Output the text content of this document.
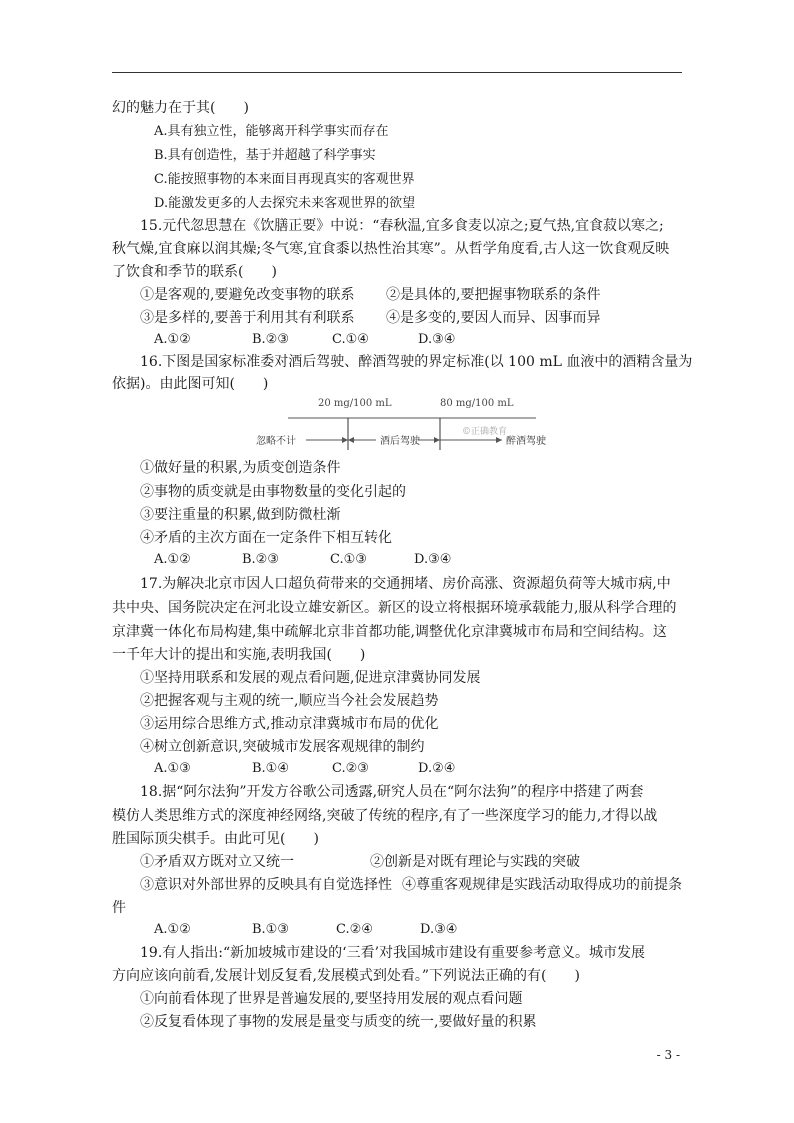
幻的魅力在于其(　　)
A.具有独立性，能够离开科学事实而存在
B.具有创造性，基于并超越了科学事实
C.能按照事物的本来面目再现真实的客观世界
D.能激发更多的人去探究未来客观世界的欲望
15.元代忽思慧在《饮膳正要》中说：“春秋温,宜多食麦以凉之;夏气热,宜食菽以寒之;
秋气燥,宜食麻以润其燥;冬气寒,宜食黍以热性治其寒”。从哲学角度看,古人这一饮食观反映
了饮食和季节的联系(　　)
①是客观的,要避免改变事物的联系 ②是具体的,要把握事物联系的条件
③是多样的,要善于利用其有利联系 ④是多变的,要因人而异、因事而异
A.①②	B.②③	C.①④	D.③④
16.下图是国家标准委对酒后驾驶、醉酒驾驶的界定标准(以 100 mL 血液中的酒精含量为
依据)。由此图可知(　　)
20 mg/100 mL	80 mg/100 mL
©正确教育
忽略不计	酒后驾驶	醉酒驾驶
①做好量的积累,为质变创造条件
②事物的质变就是由事物数量的变化引起的
③要注重量的积累,做到防微杜渐
④矛盾的主次方面在一定条件下相互转化
A.①②	B.②③	C.①③	D.③④
17.为解决北京市因人口超负荷带来的交通拥堵、房价高涨、资源超负荷等大城市病,中
共中央、国务院决定在河北设立雄安新区。新区的设立将根据环境承载能力,服从科学合理的
京津冀一体化布局构建,集中疏解北京非首都功能,调整优化京津冀城市布局和空间结构。这
一千年大计的提出和实施,表明我国(　　)
①坚持用联系和发展的观点看问题,促进京津冀协同发展
②把握客观与主观的统一,顺应当今社会发展趋势
③运用综合思维方式,推动京津冀城市布局的优化
④树立创新意识,突破城市发展客观规律的制约
A.①③	B.①④	C.②③	D.②④
18.据“阿尔法狗”开发方谷歌公司透露,研究人员在“阿尔法狗”的程序中搭建了两套
模仿人类思维方式的深度神经网络,突破了传统的程序,有了一些深度学习的能力,才得以战
胜国际顶尖棋手。由此可见(　　)
①矛盾双方既对立又统一	②创新是对既有理论与实践的突破
③意识对外部世界的反映具有自觉选择性 ④尊重客观规律是实践活动取得成功的前提条
件
A.①②	B.①③	C.②④	D.③④
19.有人指出:“新加坡城市建设的‘三看’对我国城市建设有重要参考意义。城市发展
方向应该向前看,发展计划反复看,发展模式到处看。”下列说法正确的有(　　)
①向前看体现了世界是普遍发展的,要坚持用发展的观点看问题
②反复看体现了事物的发展是量变与质变的统一,要做好量的积累
- 3 -
